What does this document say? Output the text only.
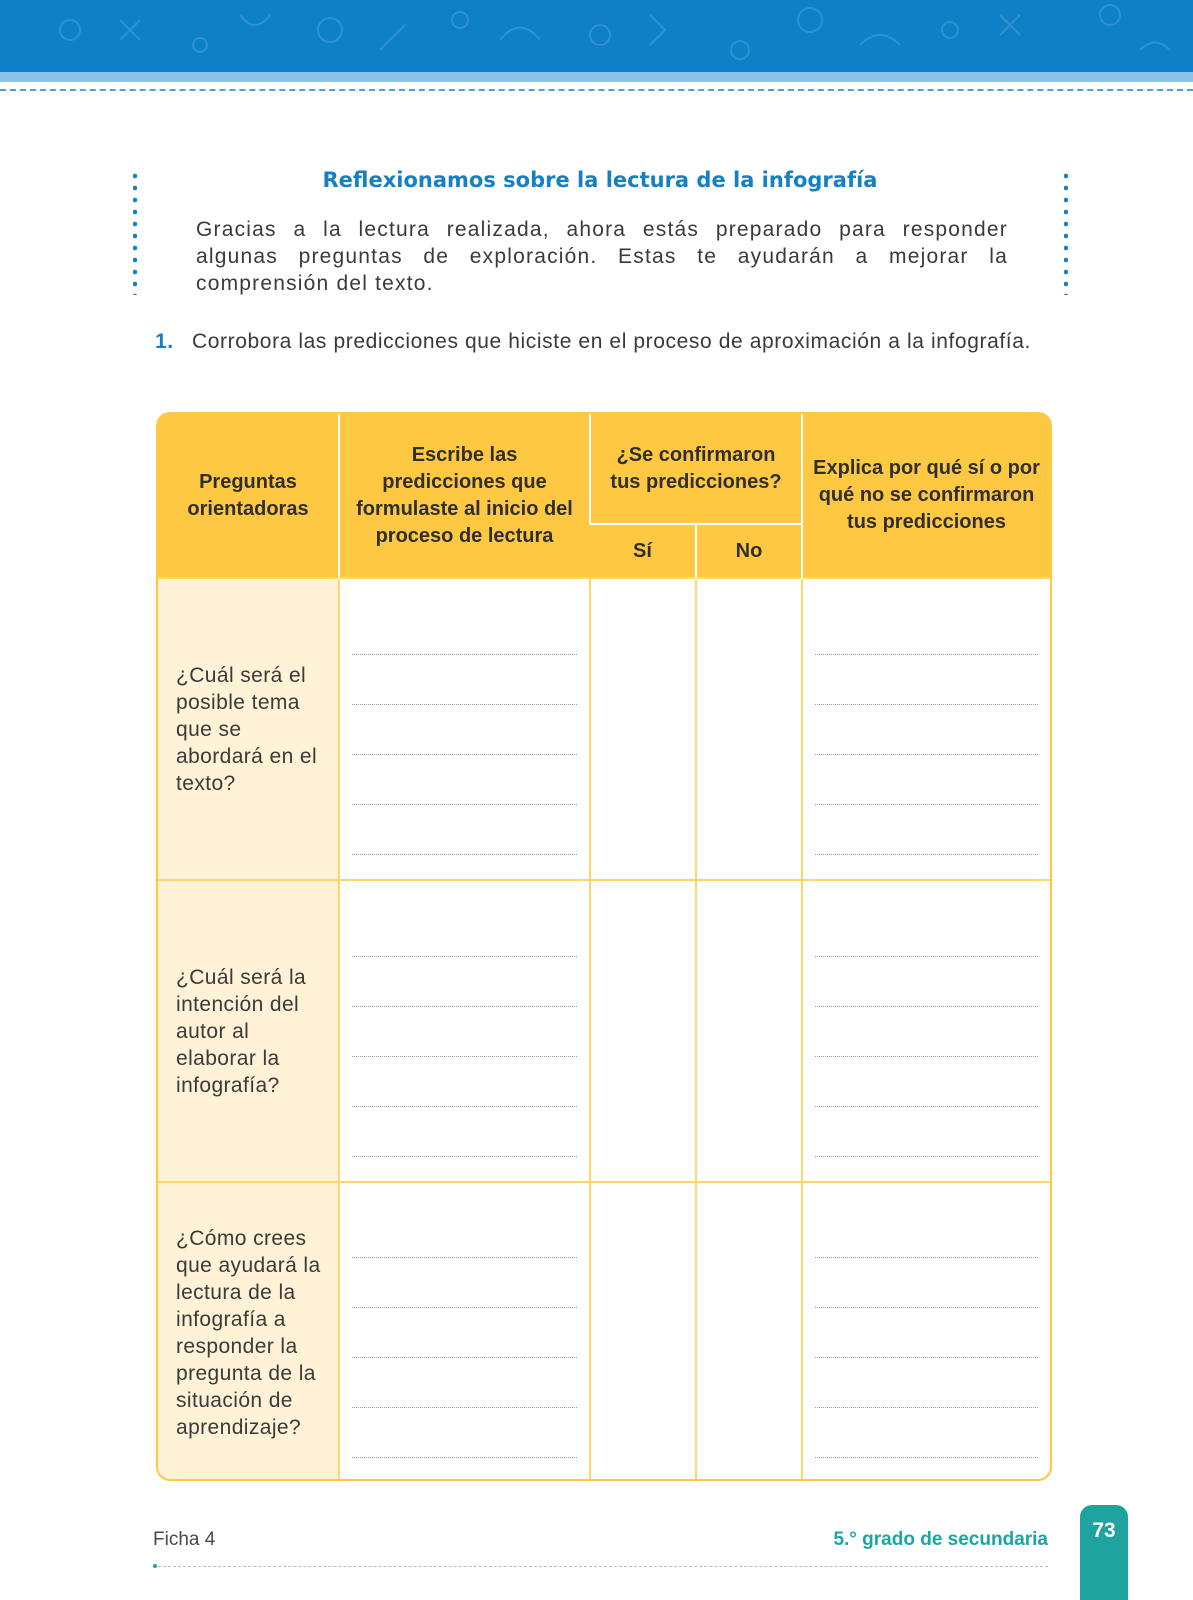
Reflexionamos sobre la lectura de la infografía

Gracias a la lectura realizada, ahora estás preparado para responder algunas preguntas de exploración. Estas te ayudarán a mejorar la comprensión del texto.

1. Corrobora las predicciones que hiciste en el proceso de aproximación a la infografía.
Preguntas orientadoras	Escribe las predicciones que formulaste al inicio del proceso de lectura	¿Se confirmaron tus predicciones?		Explica por qué sí o por qué no se confirmaron tus predicciones
		Sí	No	
¿Cuál será el posible tema que se abordará en el texto?	

¿Cuál será la intención del autor al elaborar la infografía?	

¿Cómo crees que ayudará la lectura de la infografía a responder la pregunta de la situación de aprendizaje?	

Ficha 4	5.° grado de secundaria	73
